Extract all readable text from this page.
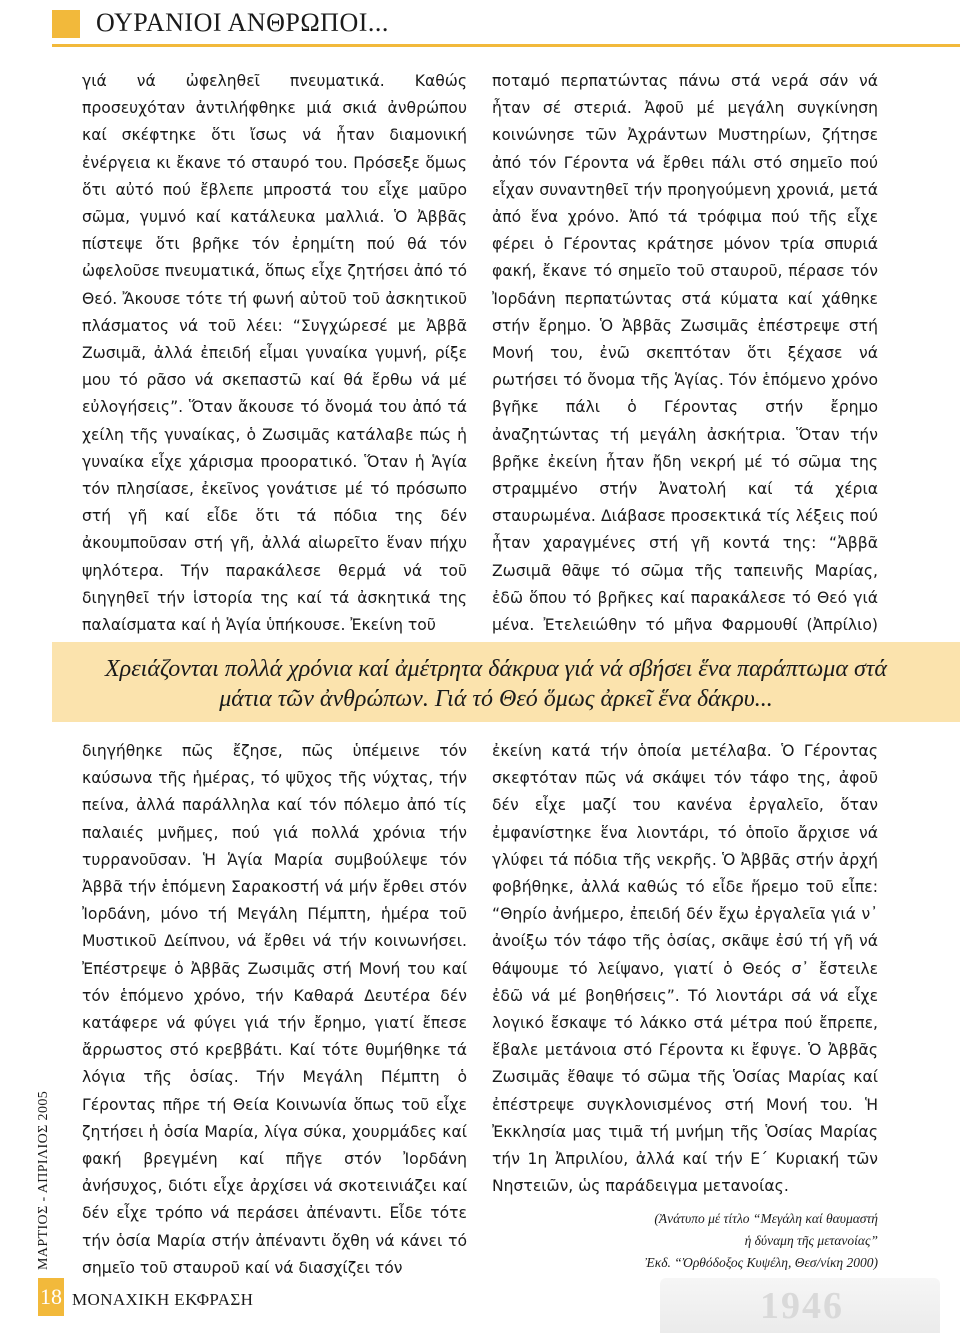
ΟΥΡΑΝΙΟΙ ΑΝΘΡΩΠΟΙ...

γιά νά ὠφεληθεῖ πνευματικά. Καθώς προσευχόταν ἀντιλήφθηκε μιά σκιά ἀνθρώπου καί σκέφτηκε ὅτι ἴσως νά ἦταν διαμονική ἐνέργεια κι ἔκανε τό σταυρό του. Πρόσεξε ὅμως ὅτι αὐτό πού ἔβλεπε μπροστά του εἶχε μαῦρο σῶμα, γυμνό καί κατάλευκα μαλλιά. Ὁ Ἀββᾶς πίστεψε ὅτι βρῆκε τόν ἐρημίτη πού θά τόν ὠφελοῦσε πνευματικά, ὅπως εἶχε ζητήσει ἀπό τό Θεό. Ἄκουσε τότε τή φωνή αὐτοῦ τοῦ ἀσκητικοῦ πλάσματος νά τοῦ λέει: “Συγχώρεσέ με Ἀββᾶ Ζωσιμᾶ, ἀλλά ἐπειδή εἶμαι γυναίκα γυμνή, ρίξε μου τό ρᾶσο νά σκεπαστῶ καί θά ἔρθω νά μέ εὐλογήσεις”. Ὅταν ἄκουσε τό ὄνομά του ἀπό τά χείλη τῆς γυναίκας, ὁ Ζωσιμᾶς κατάλαβε πώς ἡ γυναίκα εἶχε χάρισμα προορατικό. Ὅταν ἡ Ἁγία τόν πλησίασε, ἐκεῖνος γονάτισε μέ τό πρόσωπο στή γῆ καί εἶδε ὅτι τά πόδια της δέν ἀκουμποῦσαν στή γῆ, ἀλλά αἰωρεῖτο ἕναν πήχυ ψηλότερα. Τήν παρακάλεσε θερμά νά τοῦ διηγηθεῖ τήν ἱστορία της καί τά ἀσκητικά της παλαίσματα καί ἡ Ἁγία ὑπήκουσε. Ἐκείνη τοῦ

ποταμό περπατώντας πάνω στά νερά σάν νά ἦταν σέ στεριά. Ἀφοῦ μέ μεγάλη συγκίνηση κοινώνησε τῶν Ἀχράντων Μυστηρίων, ζήτησε ἀπό τόν Γέροντα νά ἔρθει πάλι στό σημεῖο πού εἶχαν συναντηθεῖ τήν προηγούμενη χρονιά, μετά ἀπό ἕνα χρόνο. Ἀπό τά τρόφιμα πού τῆς εἶχε φέρει ὁ Γέροντας κράτησε μόνον τρία σπυριά φακή, ἔκανε τό σημεῖο τοῦ σταυροῦ, πέρασε τόν Ἰορδάνη περπατώντας στά κύματα καί χάθηκε στήν ἔρημο. Ὁ Ἀββᾶς Ζωσιμᾶς ἐπέστρεψε στή Μονή του, ἐνῶ σκεπτόταν ὅτι ξέχασε νά ρωτήσει τό ὄνομα τῆς Ἁγίας. Τόν ἑπόμενο χρόνο βγῆκε πάλι ὁ Γέροντας στήν ἔρημο ἀναζητώντας τή μεγάλη ἀσκήτρια. Ὅταν τήν βρῆκε ἐκείνη ἦταν ἤδη νεκρή μέ τό σῶμα της στραμμένο στήν Ἀνατολή καί τά χέρια σταυρωμένα. Διάβασε προσεκτικά τίς λέξεις πού ἦταν χαραγμένες στή γῆ κοντά της: “Ἀββᾶ Ζωσιμᾶ θᾶψε τό σῶμα τῆς ταπεινῆς Μαρίας, ἐδῶ ὅπου τό βρῆκες καί παρακάλεσε τό Θεό γιά μένα. Ἐτελειώθην τό μῆνα Φαρμουθί (Ἀπρίλιο)

Χρειάζονται πολλά χρόνια καί ἀμέτρητα δάκρυα γιά νά σβήσει ἕνα παράπτωμα στά μάτια τῶν ἀνθρώπων. Γιά τό Θεό ὅμως ἀρκεῖ ἕνα δάκρυ...

διηγήθηκε πῶς ἔζησε, πῶς ὑπέμεινε τόν καύσωνα τῆς ἡμέρας, τό ψῦχος τῆς νύχτας, τήν πείνα, ἀλλά παράλληλα καί τόν πόλεμο ἀπό τίς παλαιές μνῆμες, πού γιά πολλά χρόνια τήν τυρρανοῦσαν. Ἡ Ἁγία Μαρία συμβούλεψε τόν Ἀββᾶ τήν ἑπόμενη Σαρακοστή νά μήν ἔρθει στόν Ἰορδάνη, μόνο τή Μεγάλη Πέμπτη, ἡμέρα τοῦ Μυστικοῦ Δείπνου, νά ἔρθει νά τήν κοινωνήσει. Ἐπέστρεψε ὁ Ἀββᾶς Ζωσιμᾶς στή Μονή του καί τόν ἑπόμενο χρόνο, τήν Καθαρά Δευτέρα δέν κατάφερε νά φύγει γιά τήν ἔρημο, γιατί ἔπεσε ἄρρωστος στό κρεββάτι. Καί τότε θυμήθηκε τά λόγια τῆς ὁσίας. Τήν Μεγάλη Πέμπτη ὁ Γέροντας πῆρε τή Θεία Κοινωνία ὅπως τοῦ εἶχε ζητήσει ἡ ὁσία Μαρία, λίγα σύκα, χουρμάδες καί φακή βρεγμένη καί πῆγε στόν Ἰορδάνη ἀνήσυχος, διότι εἶχε ἀρχίσει νά σκοτεινιάζει καί δέν εἶχε τρόπο νά περάσει ἀπέναντι. Εἶδε τότε τήν ὁσία Μαρία στήν ἀπέναντι ὄχθη νά κάνει τό σημεῖο τοῦ σταυροῦ καί νά διασχίζει τόν

ἐκείνη κατά τήν ὁποία μετέλαβα. Ὁ Γέροντας σκεφτόταν πῶς νά σκάψει τόν τάφο της, ἀφοῦ δέν εἶχε μαζί του κανένα ἐργαλεῖο, ὅταν ἐμφανίστηκε ἕνα λιοντάρι, τό ὁποῖο ἄρχισε νά γλύφει τά πόδια τῆς νεκρῆς. Ὁ Ἀββᾶς στήν ἀρχή φοβήθηκε, ἀλλά καθώς τό εἶδε ἥρεμο τοῦ εἶπε: “Θηρίο ἀνήμερο, ἐπειδή δέν ἔχω ἐργαλεῖα γιά ν᾽ ἀνοίξω τόν τάφο τῆς ὁσίας, σκᾶψε ἐσύ τή γῆ νά θάψουμε τό λείψανο, γιατί ὁ Θεός σ᾽ ἔστειλε ἐδῶ νά μέ βοηθήσεις”. Τό λιοντάρι σά νά εἶχε λογικό ἔσκαψε τό λάκκο στά μέτρα πού ἔπρεπε, ἔβαλε μετάνοια στό Γέροντα κι ἔφυγε. Ὁ Ἀββᾶς Ζωσιμᾶς ἔθαψε τό σῶμα τῆς Ὁσίας Μαρίας καί ἐπέστρεψε συγκλονισμένος στή Μονή του. Ἡ Ἐκκλησία μας τιμᾶ τή μνήμη τῆς Ὁσίας Μαρίας τήν 1η Ἀπριλίου, ἀλλά καί τήν Ε΄ Κυριακή τῶν Νηστειῶν, ὡς παράδειγμα μετανοίας.

(Ἀνάτυπο μέ τίτλο “Μεγάλη καί θαυμαστή
ἡ δύναμη τῆς μετανοίας”
Ἐκδ. “Ὀρθόδοξος Κυψέλη, Θεσ/νίκη 2000)
1946
ΜΑΡΤΙΟΣ - ΑΠΡΙΛΙΟΣ 2005
18 ΜΟΝΑΧΙΚΗ ΕΚΦΡΑΣΗ
